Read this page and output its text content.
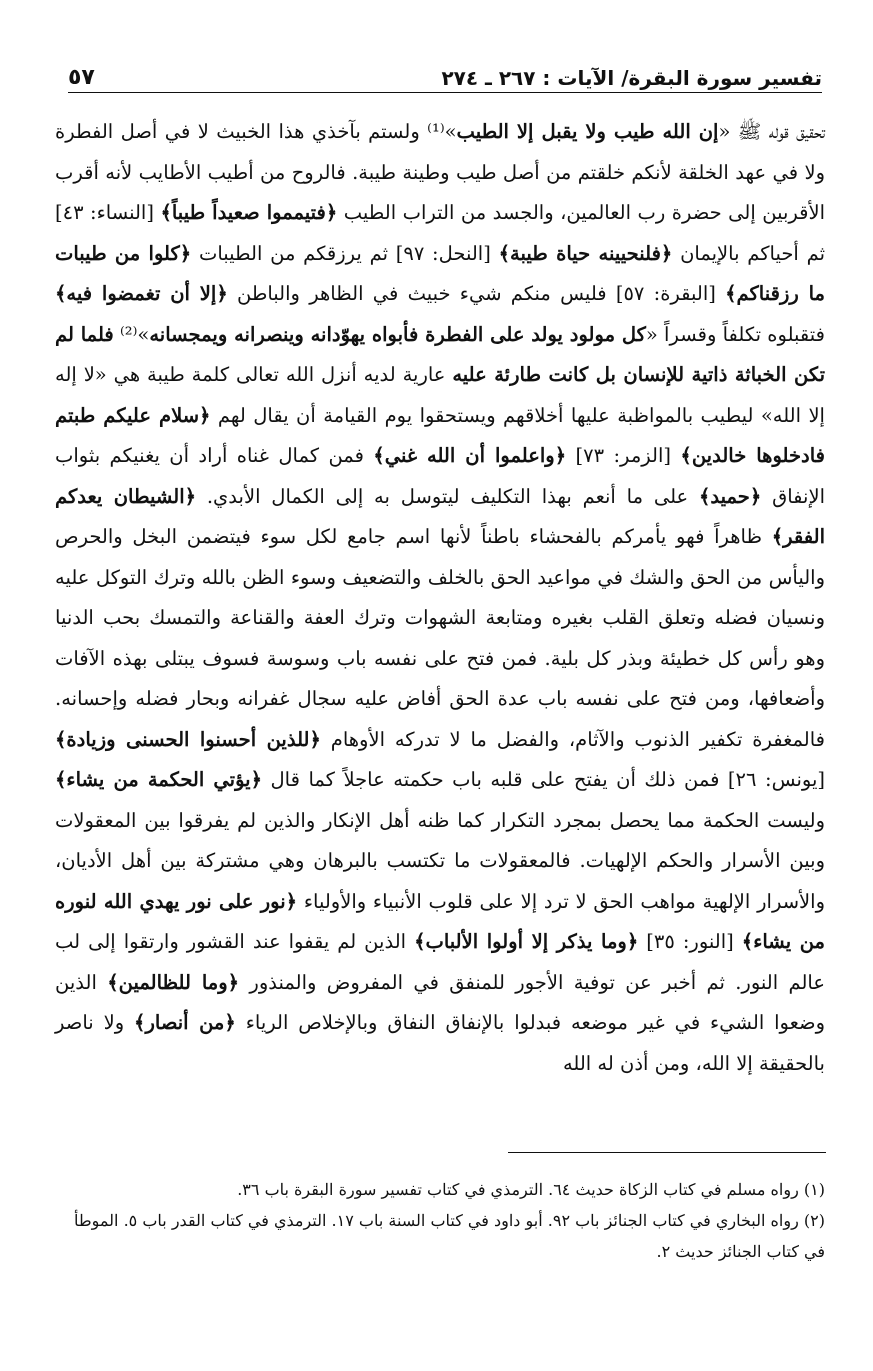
تفسير سورة البقرة/ الآيات : ٢٦٧ ـ ٢٧٤
٥٧

تحقيق قوله ﷺ «إن الله طيب ولا يقبل إلا الطيب»⁽¹⁾ ولستم بآخذي هذا الخبيث لا في أصل الفطرة ولا في عهد الخلقة لأنكم خلقتم من أصل طيب وطينة طيبة. فالروح من أطيب الأطايب لأنه أقرب الأقربين إلى حضرة رب العالمين، والجسد من التراب الطيب ﴿فتيمموا صعيداً طيباً﴾ [النساء: ٤٣] ثم أحياكم بالإيمان ﴿فلنحيينه حياة طيبة﴾ [النحل: ٩٧] ثم يرزقكم من الطيبات ﴿كلوا من طيبات ما رزقناكم﴾ [البقرة: ٥٧] فليس منكم شيء خبيث في الظاهر والباطن ﴿إلا أن تغمضوا فيه﴾ فتقبلوه تكلفاً وقسراً «كل مولود يولد على الفطرة فأبواه يهوّدانه وينصرانه ويمجسانه»⁽²⁾ فلما لم تكن الخباثة ذاتية للإنسان بل كانت طارئة عليه عارية لديه أنزل الله تعالى كلمة طيبة هي «لا إله إلا الله» ليطيب بالمواظبة عليها أخلاقهم ويستحقوا يوم القيامة أن يقال لهم ﴿سلام عليكم طبتم فادخلوها خالدين﴾ [الزمر: ٧٣] ﴿واعلموا أن الله غني﴾ فمن كمال غناه أراد أن يغنيكم بثواب الإنفاق ﴿حميد﴾ على ما أنعم بهذا التكليف ليتوسل به إلى الكمال الأبدي. ﴿الشيطان يعدكم الفقر﴾ ظاهراً فهو يأمركم بالفحشاء باطناً لأنها اسم جامع لكل سوء فيتضمن البخل والحرص واليأس من الحق والشك في مواعيد الحق بالخلف والتضعيف وسوء الظن بالله وترك التوكل عليه ونسيان فضله وتعلق القلب بغيره ومتابعة الشهوات وترك العفة والقناعة والتمسك بحب الدنيا وهو رأس كل خطيئة وبذر كل بلية. فمن فتح على نفسه باب وسوسة فسوف يبتلى بهذه الآفات وأضعافها، ومن فتح على نفسه باب عدة الحق أفاض عليه سجال غفرانه وبحار فضله وإحسانه. فالمغفرة تكفير الذنوب والآثام، والفضل ما لا تدركه الأوهام ﴿للذين أحسنوا الحسنى وزيادة﴾ [يونس: ٢٦] فمن ذلك أن يفتح على قلبه باب حكمته عاجلاً كما قال ﴿يؤتي الحكمة من يشاء﴾ وليست الحكمة مما يحصل بمجرد التكرار كما ظنه أهل الإنكار والذين لم يفرقوا بين المعقولات وبين الأسرار والحكم الإلهيات. فالمعقولات ما تكتسب بالبرهان وهي مشتركة بين أهل الأديان، والأسرار الإلهية مواهب الحق لا ترد إلا على قلوب الأنبياء والأولياء ﴿نور على نور يهدي الله لنوره من يشاء﴾ [النور: ٣٥] ﴿وما يذكر إلا أولوا الألباب﴾ الذين لم يقفوا عند القشور وارتقوا إلى لب عالم النور. ثم أخبر عن توفية الأجور للمنفق في المفروض والمنذور ﴿وما للظالمين﴾ الذين وضعوا الشيء في غير موضعه فبدلوا بالإنفاق النفاق وبالإخلاص الرياء ﴿من أنصار﴾ ولا ناصر بالحقيقة إلا الله، ومن أذن له الله

(١) رواه مسلم في كتاب الزكاة حديث ٦٤. الترمذي في كتاب تفسير سورة البقرة باب ٣٦.

(٢) رواه البخاري في كتاب الجنائز باب ٩٢. أبو داود في كتاب السنة باب ١٧. الترمذي في كتاب القدر باب ٥. الموطأ في كتاب الجنائز حديث ٢.
